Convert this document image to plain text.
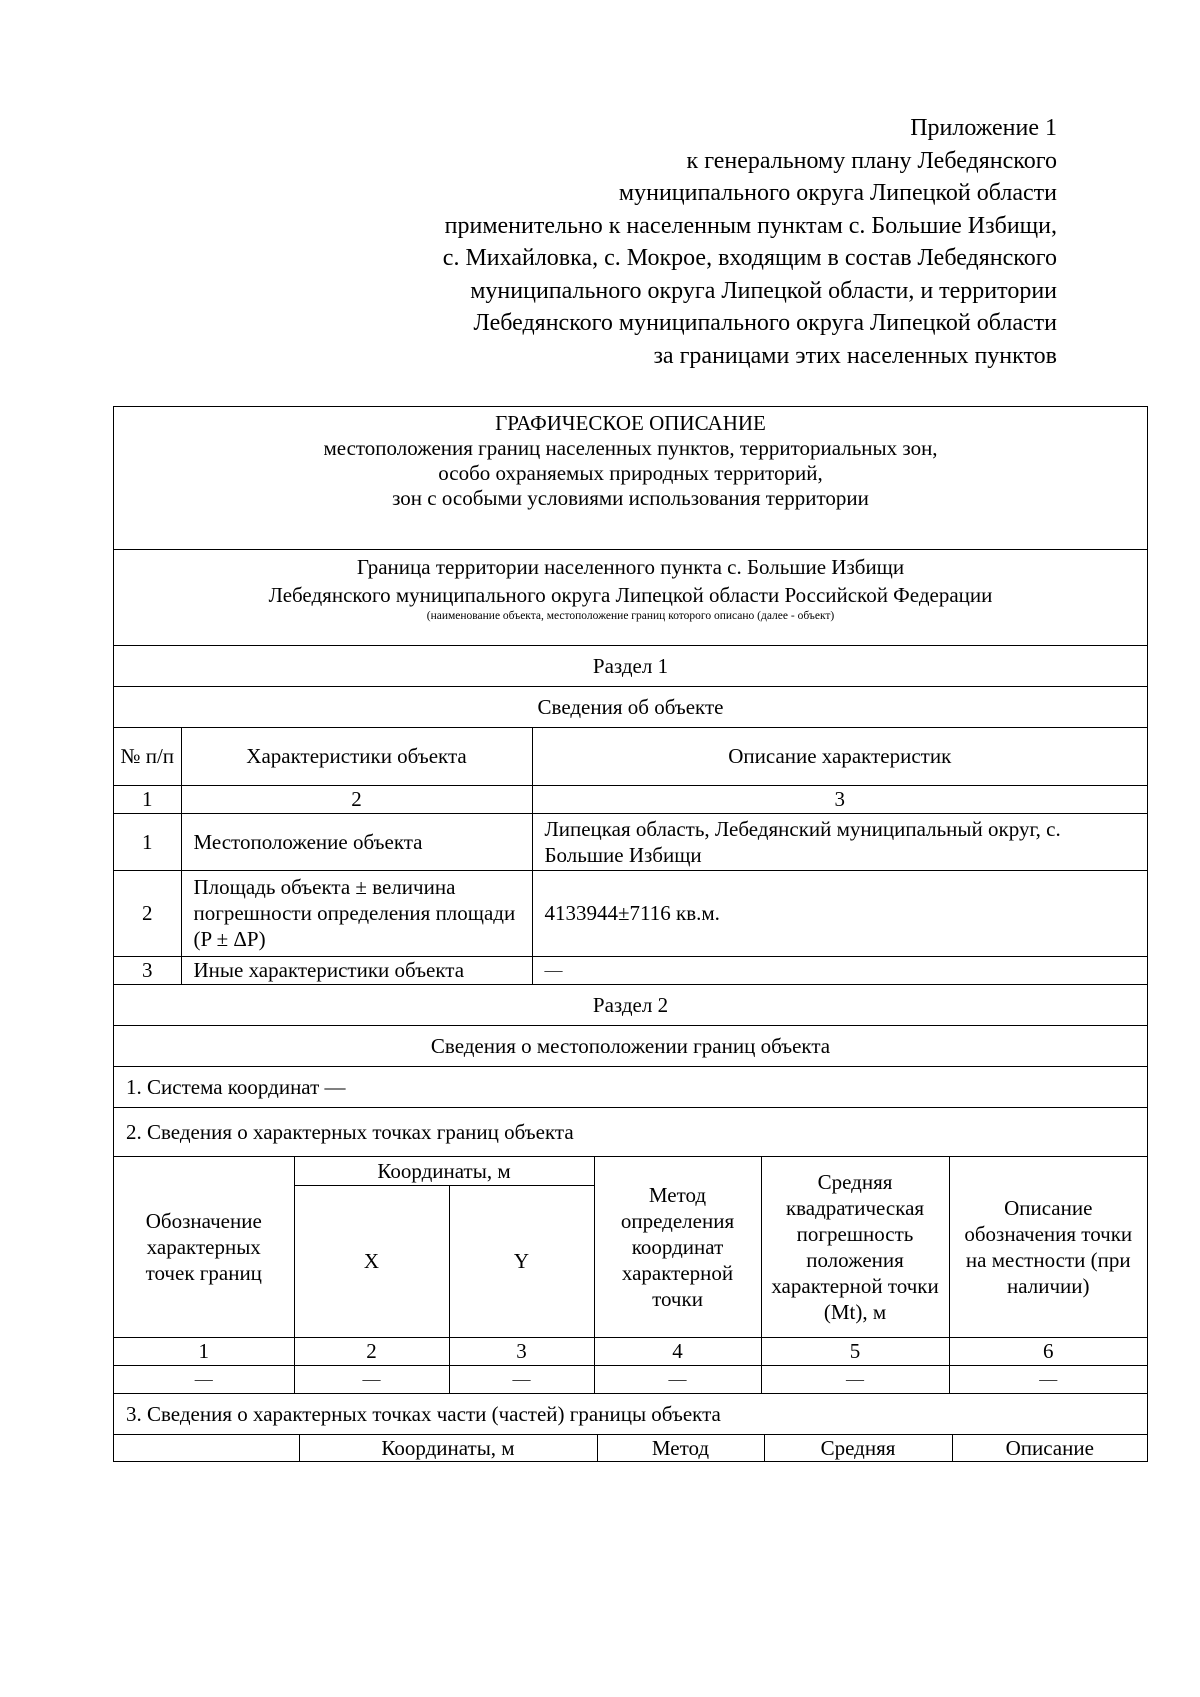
Приложение 1
к генеральному плану Лебедянского
муниципального округа Липецкой области
применительно к населенным пунктам с. Большие Избищи,
с. Михайловка, с. Мокрое, входящим в состав Лебедянского
муниципального округа Липецкой области, и территории
Лебедянского муниципального округа Липецкой области
за границами этих населенных пунктов
ГРАФИЧЕСКОЕ ОПИСАНИЕ
местоположения границ населенных пунктов, территориальных зон,
особо охраняемых природных территорий,
зон с особыми условиями использования территории
Граница территории населенного пункта с. Большие Избищи
Лебедянского муниципального округа Липецкой области Российской Федерации
(наименование объекта, местоположение границ которого описано (далее - объект)
Раздел 1
Сведения об объекте
№ п/п	Характеристики объекта	Описание характеристик
1	2	3
1	Местоположение объекта	Липецкая область, Лебедянский муниципальный округ, с. Большие Избищи
2	Площадь объекта ± величина погрешности определения площади (P ± ΔP)	4133944±7116 кв.м.
3	Иные характеристики объекта	—
Раздел 2
Сведения о местоположении границ объекта
1. Система координат —
2. Сведения о характерных точках границ объекта
Обозначение характерных точек границ	Координаты, м		Метод определения координат характерной точки	Средняя квадратическая погрешность положения характерной точки (Mt), м	Описание обозначения точки на местности (при наличии)
	X	Y			
1	2	3	4	5	6
—	—	—	—	—	—
3. Сведения о характерных точках части (частей) границы объекта
	Координаты, м	Метод	Средняя	Описание
